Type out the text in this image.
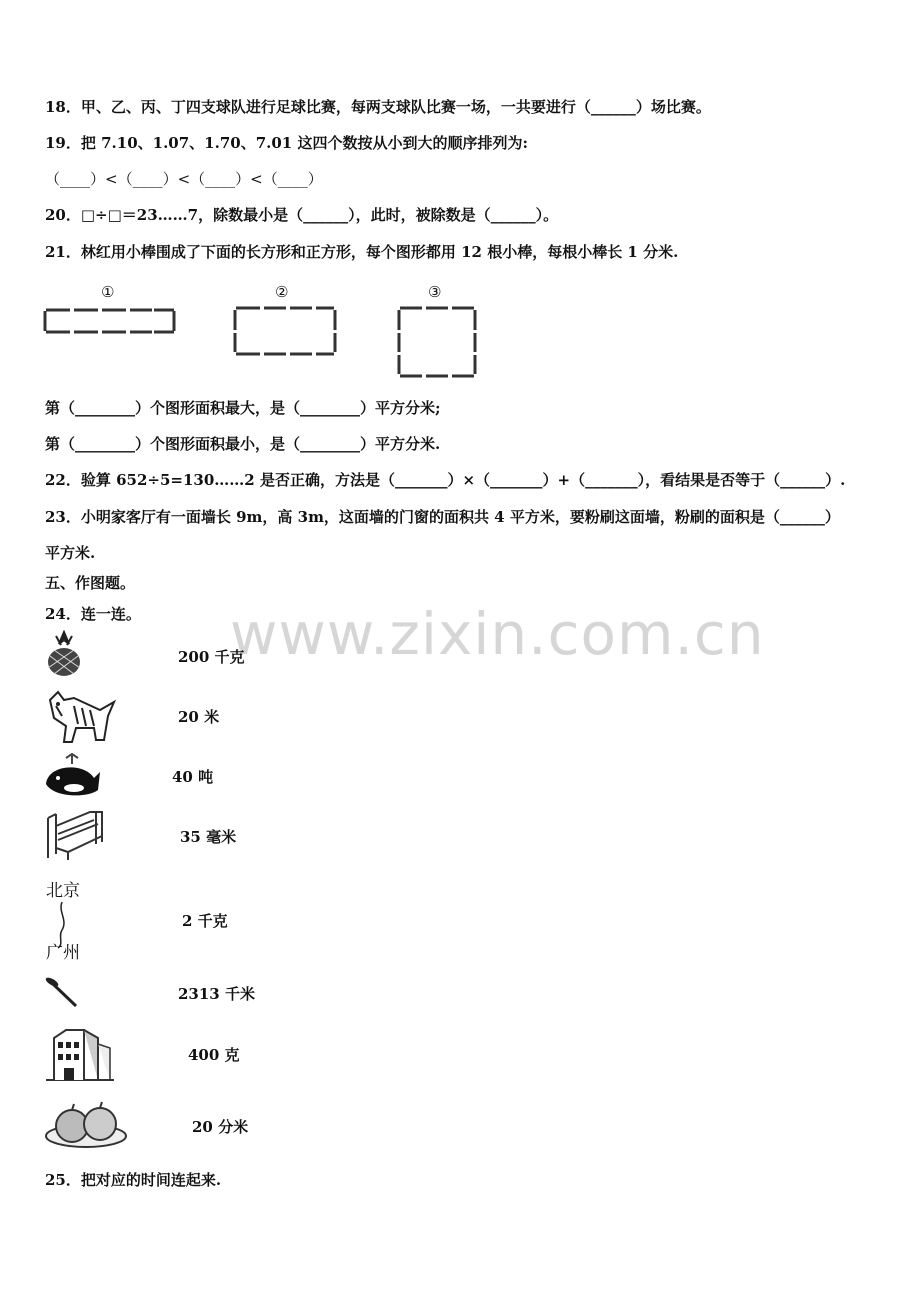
www.zixin.com.cn
18．甲、乙、丙、丁四支球队进行足球比赛，每两支球队比赛一场，一共要进行（______）场比赛。
19．把 7.10、1.07、1.70、7.01 这四个数按从小到大的顺序排列为:
（____）<（____）<（____）<（____）
20．□÷□＝23……7，除数最小是（______），此时，被除数是（______）。
21．林红用小棒围成了下面的长方形和正方形，每个图形都用 12 根小棒，每根小棒长 1 分米.
①	②	③
第（________）个图形面积最大，是（________）平方分米;
第（________）个图形面积最小，是（________）平方分米.
22．验算 652÷5=130……2 是否正确，方法是（_______）×（_______）+（_______），看结果是否等于（______）.
23．小明家客厅有一面墙长 9m，高 3m，这面墙的门窗的面积共 4 平方米，要粉刷这面墙，粉刷的面积是（______）
平方米.
五、作图题。
24．连一连。
北京
广州
200 千克
20 米
40 吨
35 毫米
2 千克
2313 千米
400 克
20 分米
25．把对应的时间连起来.
